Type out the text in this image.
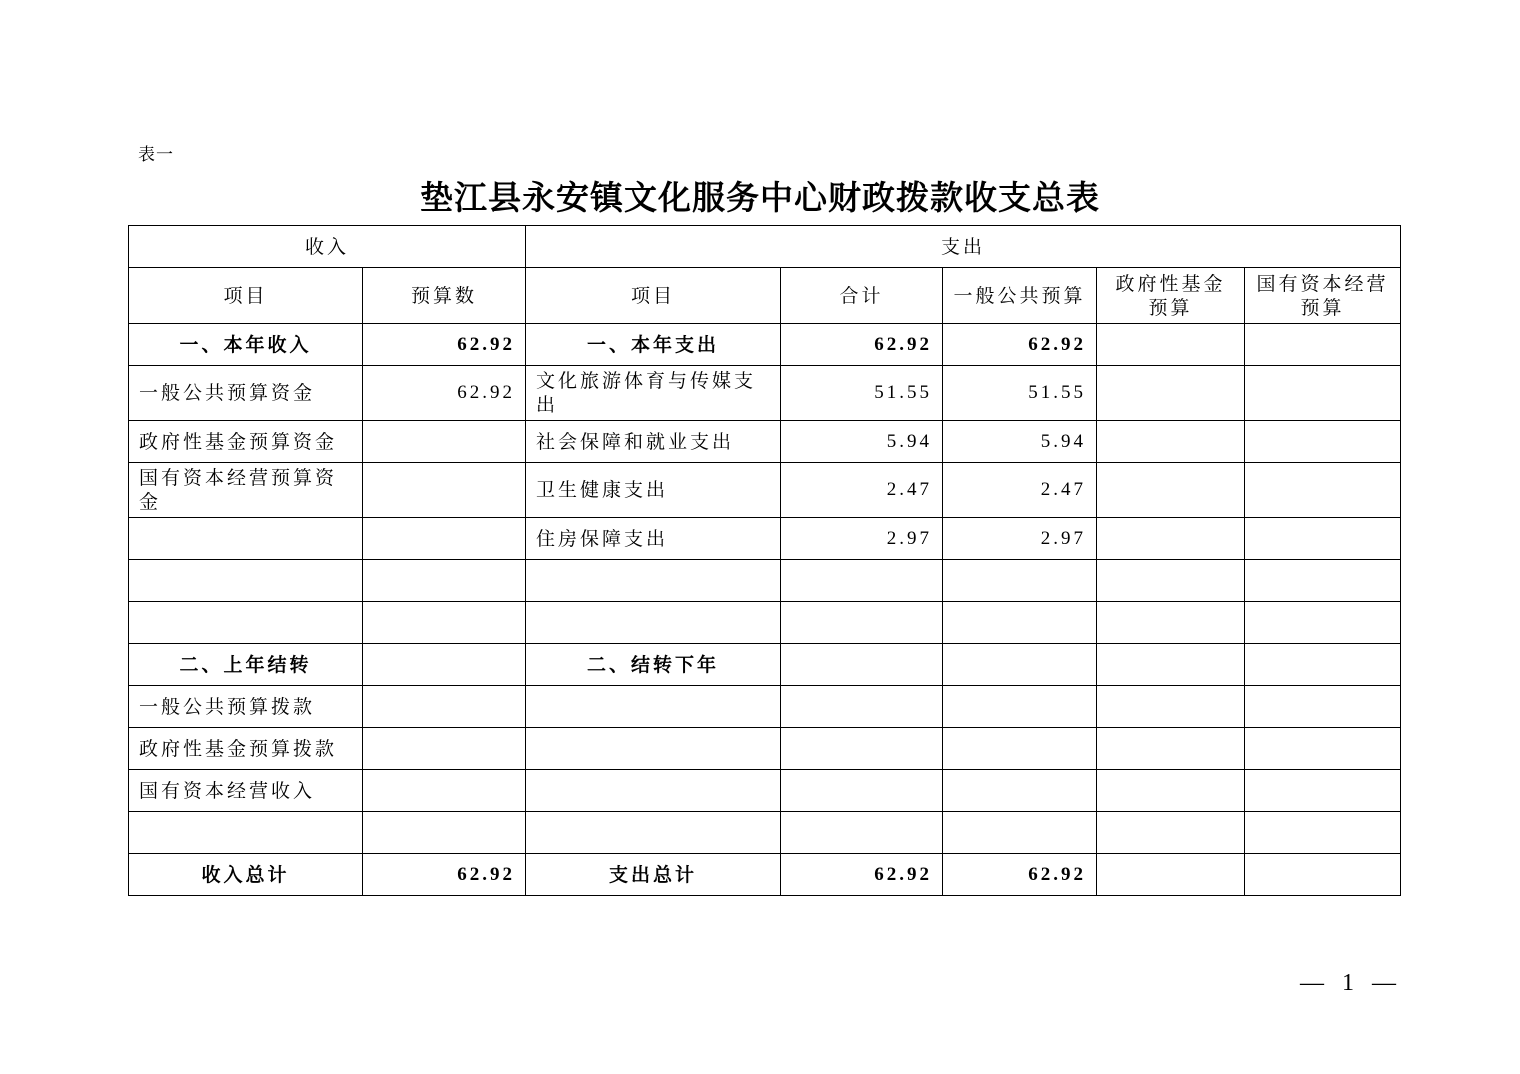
表一
垫江县永安镇文化服务中心财政拨款收支总表
收入		支出				
项目	预算数	项目	合计	一般公共预算	政府性基金预算	国有资本经营预算
一、本年收入	62.92	一、本年支出	62.92	62.92		
一般公共预算资金	62.92	文化旅游体育与传媒支出	51.55	51.55		
政府性基金预算资金		社会保障和就业支出	5.94	5.94		
国有资本经营预算资金		卫生健康支出	2.47	2.47		
		住房保障支出	2.97	2.97		

二、上年结转		二、结转下年				
一般公共预算拨款						
政府性基金预算拨款						
国有资本经营收入						

收入总计	62.92	支出总计	62.92	62.92		
— 1 —
